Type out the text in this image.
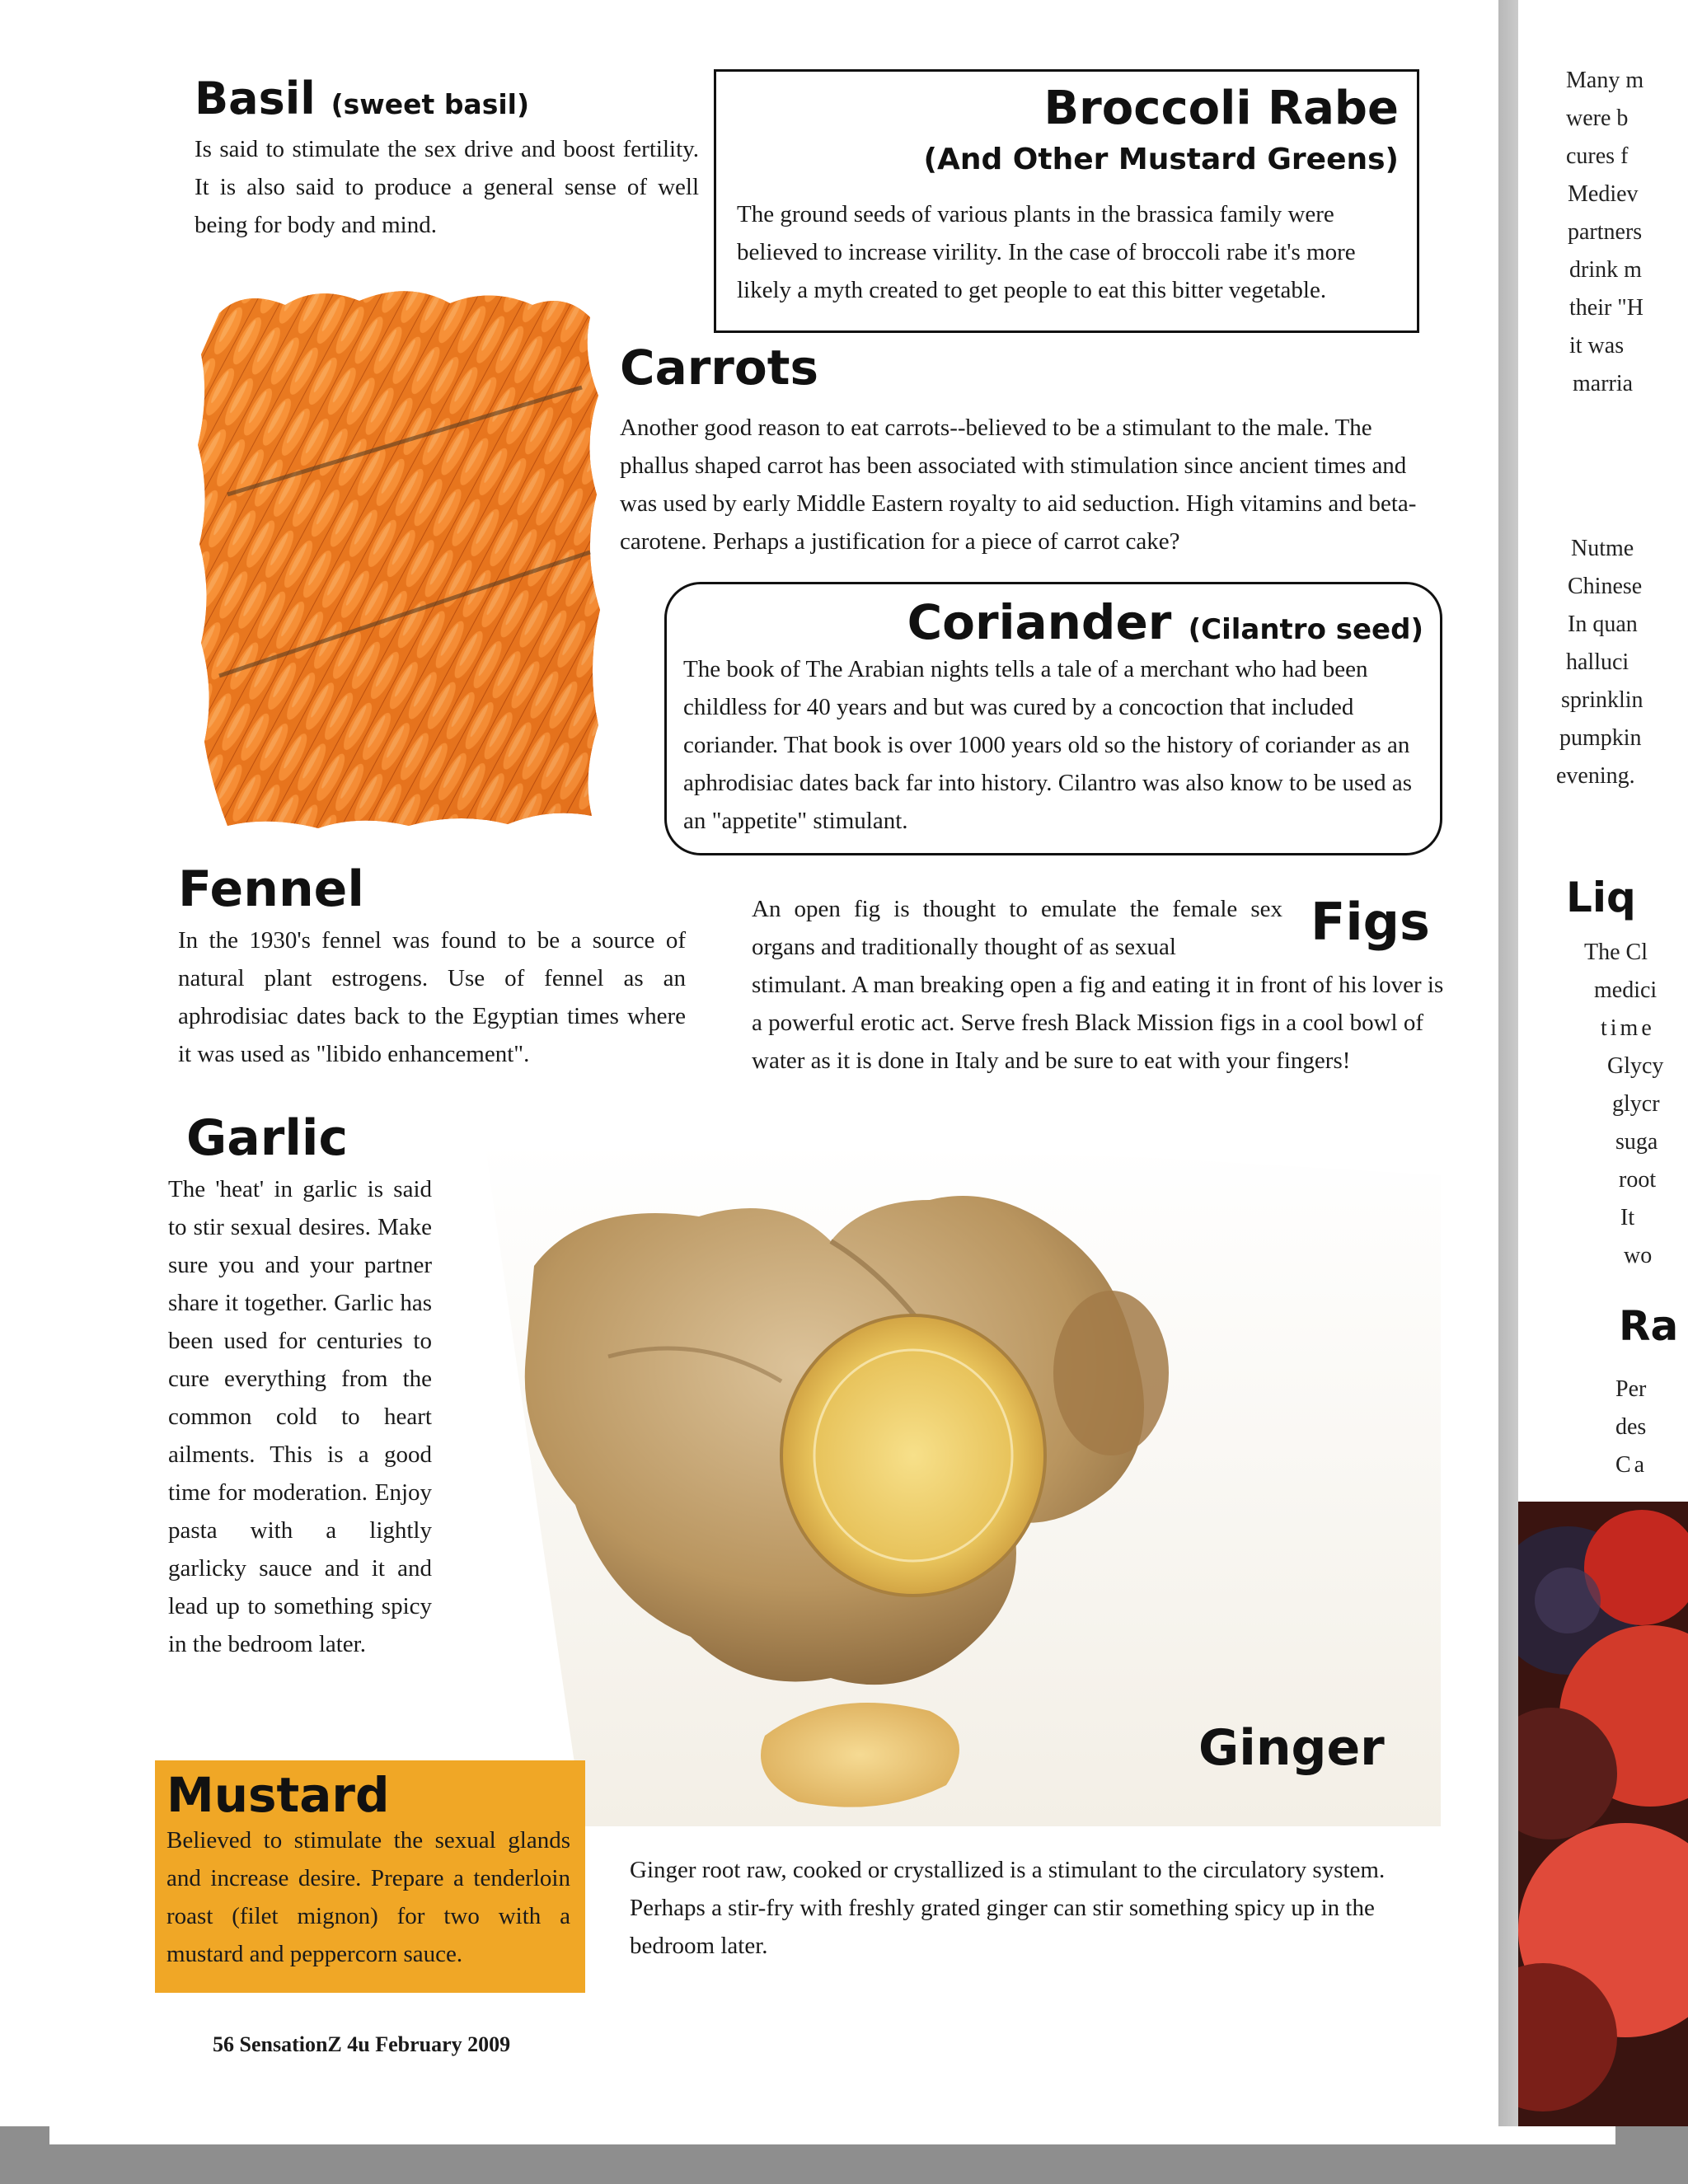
Basil (sweet basil)

Is said to stimulate the sex drive and boost fertility. It is also said to produce a general sense of well being for body and mind.

Broccoli Rabe
(And Other Mustard Greens)

The ground seeds of various plants in the brassica family were believed to increase virility. In the case of broccoli rabe it's more likely a myth created to get people to eat this bitter vegetable.

Carrots

Another good reason to eat carrots--believed to be a stimulant to the male. The phallus shaped carrot has been associated with stimulation since ancient times and was used by early Middle Eastern royalty to aid seduction. High vitamins and beta-carotene. Perhaps a justification for a piece of carrot cake?

Coriander (Cilantro seed)

The book of The Arabian nights tells a tale of a merchant who had been childless for 40 years and but was cured by a concoction that included coriander. That book is over 1000 years old so the history of coriander as an aphrodisiac dates back far into history. Cilantro was also know to be used as an "appetite" stimulant.

Fennel

In the 1930's fennel was found to be a source of natural plant estrogens. Use of fennel as an aphrodisiac dates back to the Egyptian times where it was used as "libido enhancement".

An open fig is thought to emulate the female sex organs and traditionally thought of as sexual	Figs

stimulant. A man breaking open a fig and eating it in front of his lover is a powerful erotic act. Serve fresh Black Mission figs in a cool bowl of water as it is done in Italy and be sure to eat with your fingers!

Garlic

The 'heat' in garlic is said to stir sexual desires. Make sure you and your partner share it together. Garlic has been used for centuries to cure everything from the common cold to heart ailments. This is a good time for moderation. Enjoy pasta with a lightly garlicky sauce and it and lead up to something spicy in the bedroom later.

Ginger

Ginger root raw, cooked or crystallized is a stimulant to the circulatory system. Perhaps a stir-fry with freshly grated ginger can stir something spicy up in the bedroom later.

Mustard

Believed to stimulate the sexual glands and increase desire. Prepare a tenderloin roast (filet mignon) for two with a mustard and peppercorn sauce.

56 SensationZ 4u February 2009
Many m
were b
cures f
Mediev
partners
drink m
their "H
it was
marria
Nutme
Chinese
In quan
halluci
sprinklin
pumpkin
evening.
Liq
The Cl
medici
time
Glycy
glycr
suga
root
It
wo
Ra
Per
des
Ca
